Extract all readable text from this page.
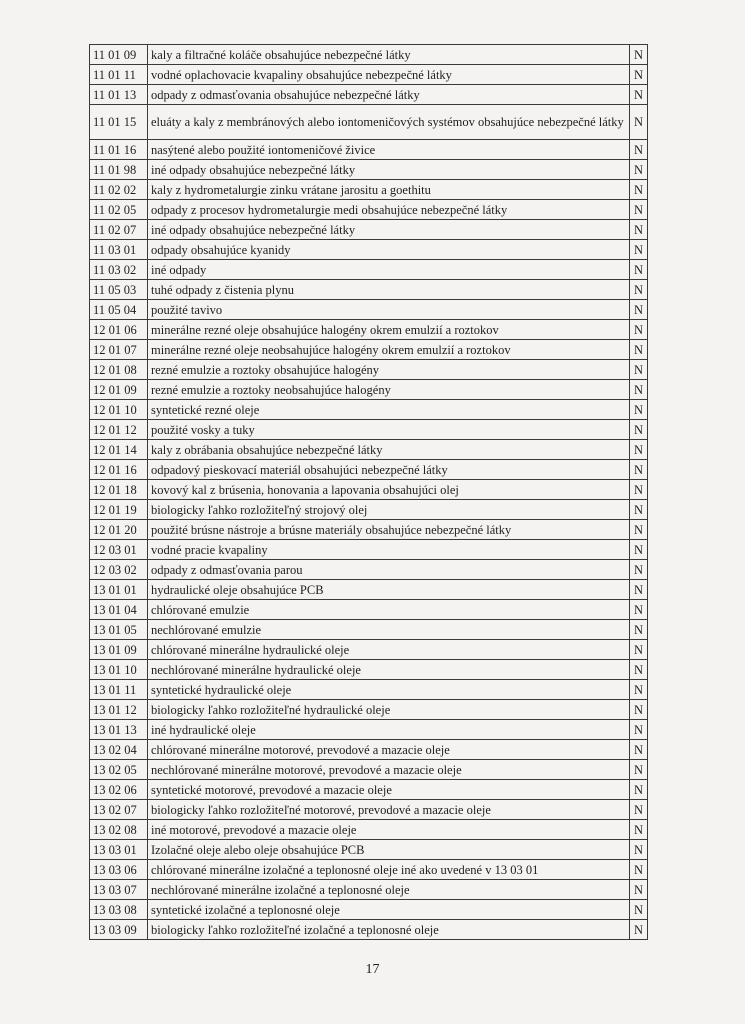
11 01 09	kaly a filtračné koláče obsahujúce nebezpečné látky	N
11 01 11	vodné oplachovacie kvapaliny obsahujúce nebezpečné látky	N
11 01 13	odpady z odmasťovania obsahujúce nebezpečné látky	N
11 01 15	eluáty a kaly z membránových alebo iontomeničových systémov obsahujúce nebezpečné látky	N
11 01 16	nasýtené alebo použité iontomeničové živice	N
11 01 98	iné odpady obsahujúce nebezpečné látky	N
11 02 02	kaly z hydrometalurgie zinku vrátane jarositu a goethitu	N
11 02 05	odpady z procesov hydrometalurgie medi obsahujúce nebezpečné látky	N
11 02 07	iné odpady obsahujúce nebezpečné látky	N
11 03 01	odpady obsahujúce kyanidy	N
11 03 02	iné odpady	N
11 05 03	tuhé odpady z čistenia plynu	N
11 05 04	použité tavivo	N
12 01 06	minerálne rezné oleje obsahujúce halogény okrem emulzií a roztokov	N
12 01 07	minerálne rezné oleje neobsahujúce halogény okrem emulzií a roztokov	N
12 01 08	rezné emulzie a roztoky obsahujúce halogény	N
12 01 09	rezné emulzie a roztoky neobsahujúce halogény	N
12 01 10	syntetické rezné oleje	N
12 01 12	použité vosky a tuky	N
12 01 14	kaly z obrábania obsahujúce nebezpečné látky	N
12 01 16	odpadový pieskovací materiál obsahujúci nebezpečné látky	N
12 01 18	kovový kal z brúsenia, honovania a lapovania obsahujúci olej	N
12 01 19	biologicky ľahko rozložiteľný strojový olej	N
12 01 20	použité brúsne nástroje a brúsne materiály obsahujúce nebezpečné látky	N
12 03 01	vodné pracie kvapaliny	N
12 03 02	odpady z odmasťovania parou	N
13 01 01	hydraulické oleje obsahujúce PCB	N
13 01 04	chlórované emulzie	N
13 01 05	nechlórované emulzie	N
13 01 09	chlórované minerálne hydraulické oleje	N
13 01 10	nechlórované minerálne hydraulické oleje	N
13 01 11	syntetické hydraulické oleje	N
13 01 12	biologicky ľahko rozložiteľné hydraulické oleje	N
13 01 13	iné hydraulické oleje	N
13 02 04	chlórované minerálne motorové, prevodové a mazacie oleje	N
13 02 05	nechlórované minerálne motorové, prevodové a mazacie oleje	N
13 02 06	syntetické motorové, prevodové a mazacie oleje	N
13 02 07	biologicky ľahko rozložiteľné motorové, prevodové a mazacie oleje	N
13 02 08	iné motorové, prevodové a mazacie oleje	N
13 03 01	Izolačné oleje alebo oleje obsahujúce PCB	N
13 03 06	chlórované minerálne izolačné a teplonosné oleje iné ako uvedené v 13 03 01	N
13 03 07	nechlórované minerálne izolačné a teplonosné oleje	N
13 03 08	syntetické izolačné a teplonosné oleje	N
13 03 09	biologicky ľahko rozložiteľné izolačné a teplonosné oleje	N
17
